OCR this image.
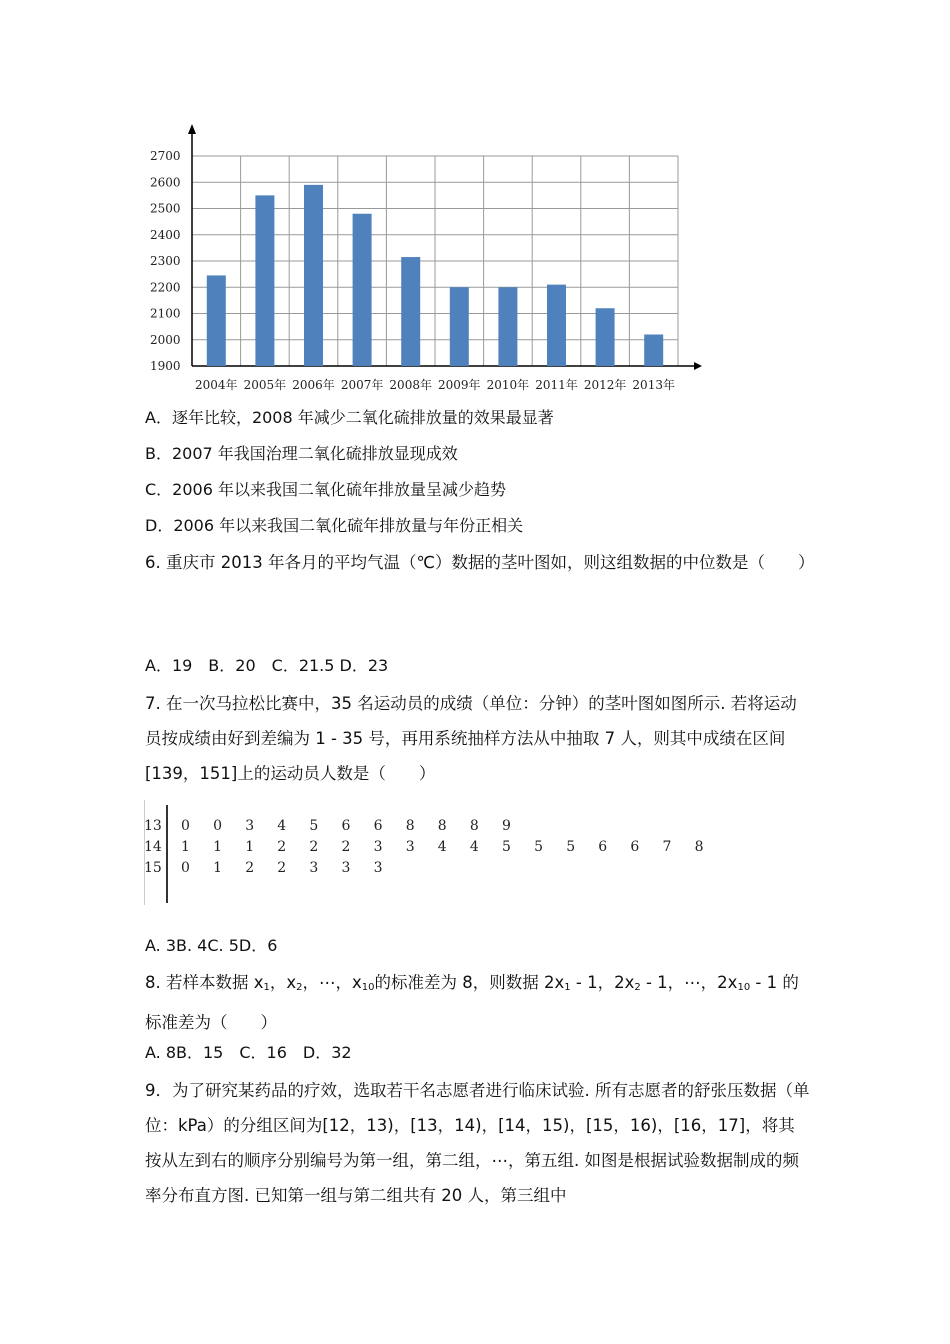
1900
2000
2100
2200
2300
2400
2500
2600
2700
2004年 2005年 2006年 2007年 2008年 2009年 2010年 2011年 2012年 2013年
A．逐年比较，2008 年减少二氧化硫排放量的效果最显著
B．2007 年我国治理二氧化硫排放显现成效
C．2006 年以来我国二氧化硫年排放量呈减少趋势
D．2006 年以来我国二氧化硫年排放量与年份正相关
6. 重庆市 2013 年各月的平均气温（℃）数据的茎叶图如，则这组数据的中位数是（　　）
A．19　B．20　C．21.5 D．23
7. 在一次马拉松比赛中，35 名运动员的成绩（单位：分钟）的茎叶图如图所示. 若将运动员按成绩由好到差编为 1 - 35 号，再用系统抽样方法从中抽取 7 人，则其中成绩在区间[139，151]上的运动员人数是（　　）
13 0 0 3 4 5 6 6 8 8 8 9
14 1 1 1 2 2 2 3 3 4 4 5 5 5 6 6 7 8
15 0 1 2 2 3 3 3
A. 3B. 4C. 5D．6
8. 若样本数据 $x_1$，$x_2$，⋯，$x_{10}$的标准差为 8，则数据 $2x_1 - 1$，$2x_2 - 1$，⋯，$2x_{10} - 1$ 的标准差为（　　）
A. 8B．15　C．16　D．32
9．为了研究某药品的疗效，选取若干名志愿者进行临床试验. 所有志愿者的舒张压数据（单位：kPa）的分组区间为[12，13)，[13，14)，[14，15)，[15，16)，[16，17]，将其按从左到右的顺序分别编号为第一组，第二组，⋯，第五组. 如图是根据试验数据制成的频率分布直方图. 已知第一组与第二组共有 20 人，第三组中
